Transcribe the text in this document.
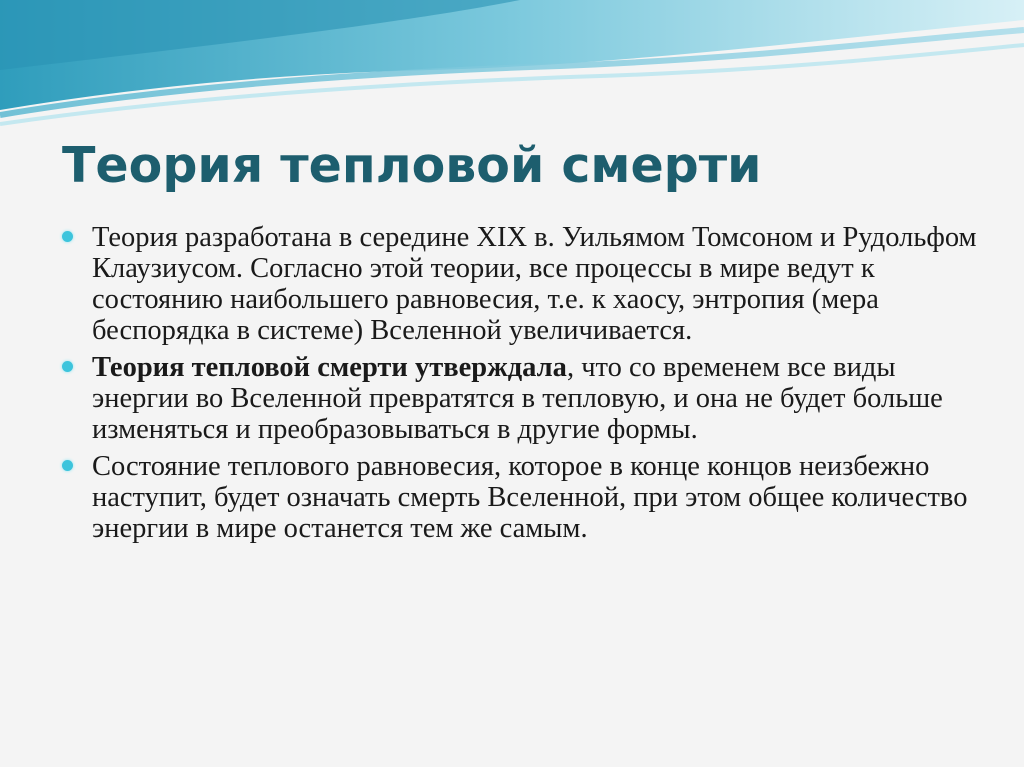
Теория тепловой смерти
Теория разработана в середине XIX в. Уильямом Томсоном и Рудольфом Клаузиусом. Согласно этой теории, все процессы в мире ведут к состоянию наибольшего равновесия, т.е. к хаосу, энтропия (мера беспорядка в системе) Вселенной увеличивается.
Теория тепловой смерти утверждала, что со временем все виды энергии во Вселенной превратятся в тепловую, и она не будет больше изменяться и преобразовываться в другие формы.
Состояние теплового равновесия, которое в конце концов неизбежно наступит, будет означать смерть Вселенной, при этом общее количество энергии в мире останется тем же самым.
